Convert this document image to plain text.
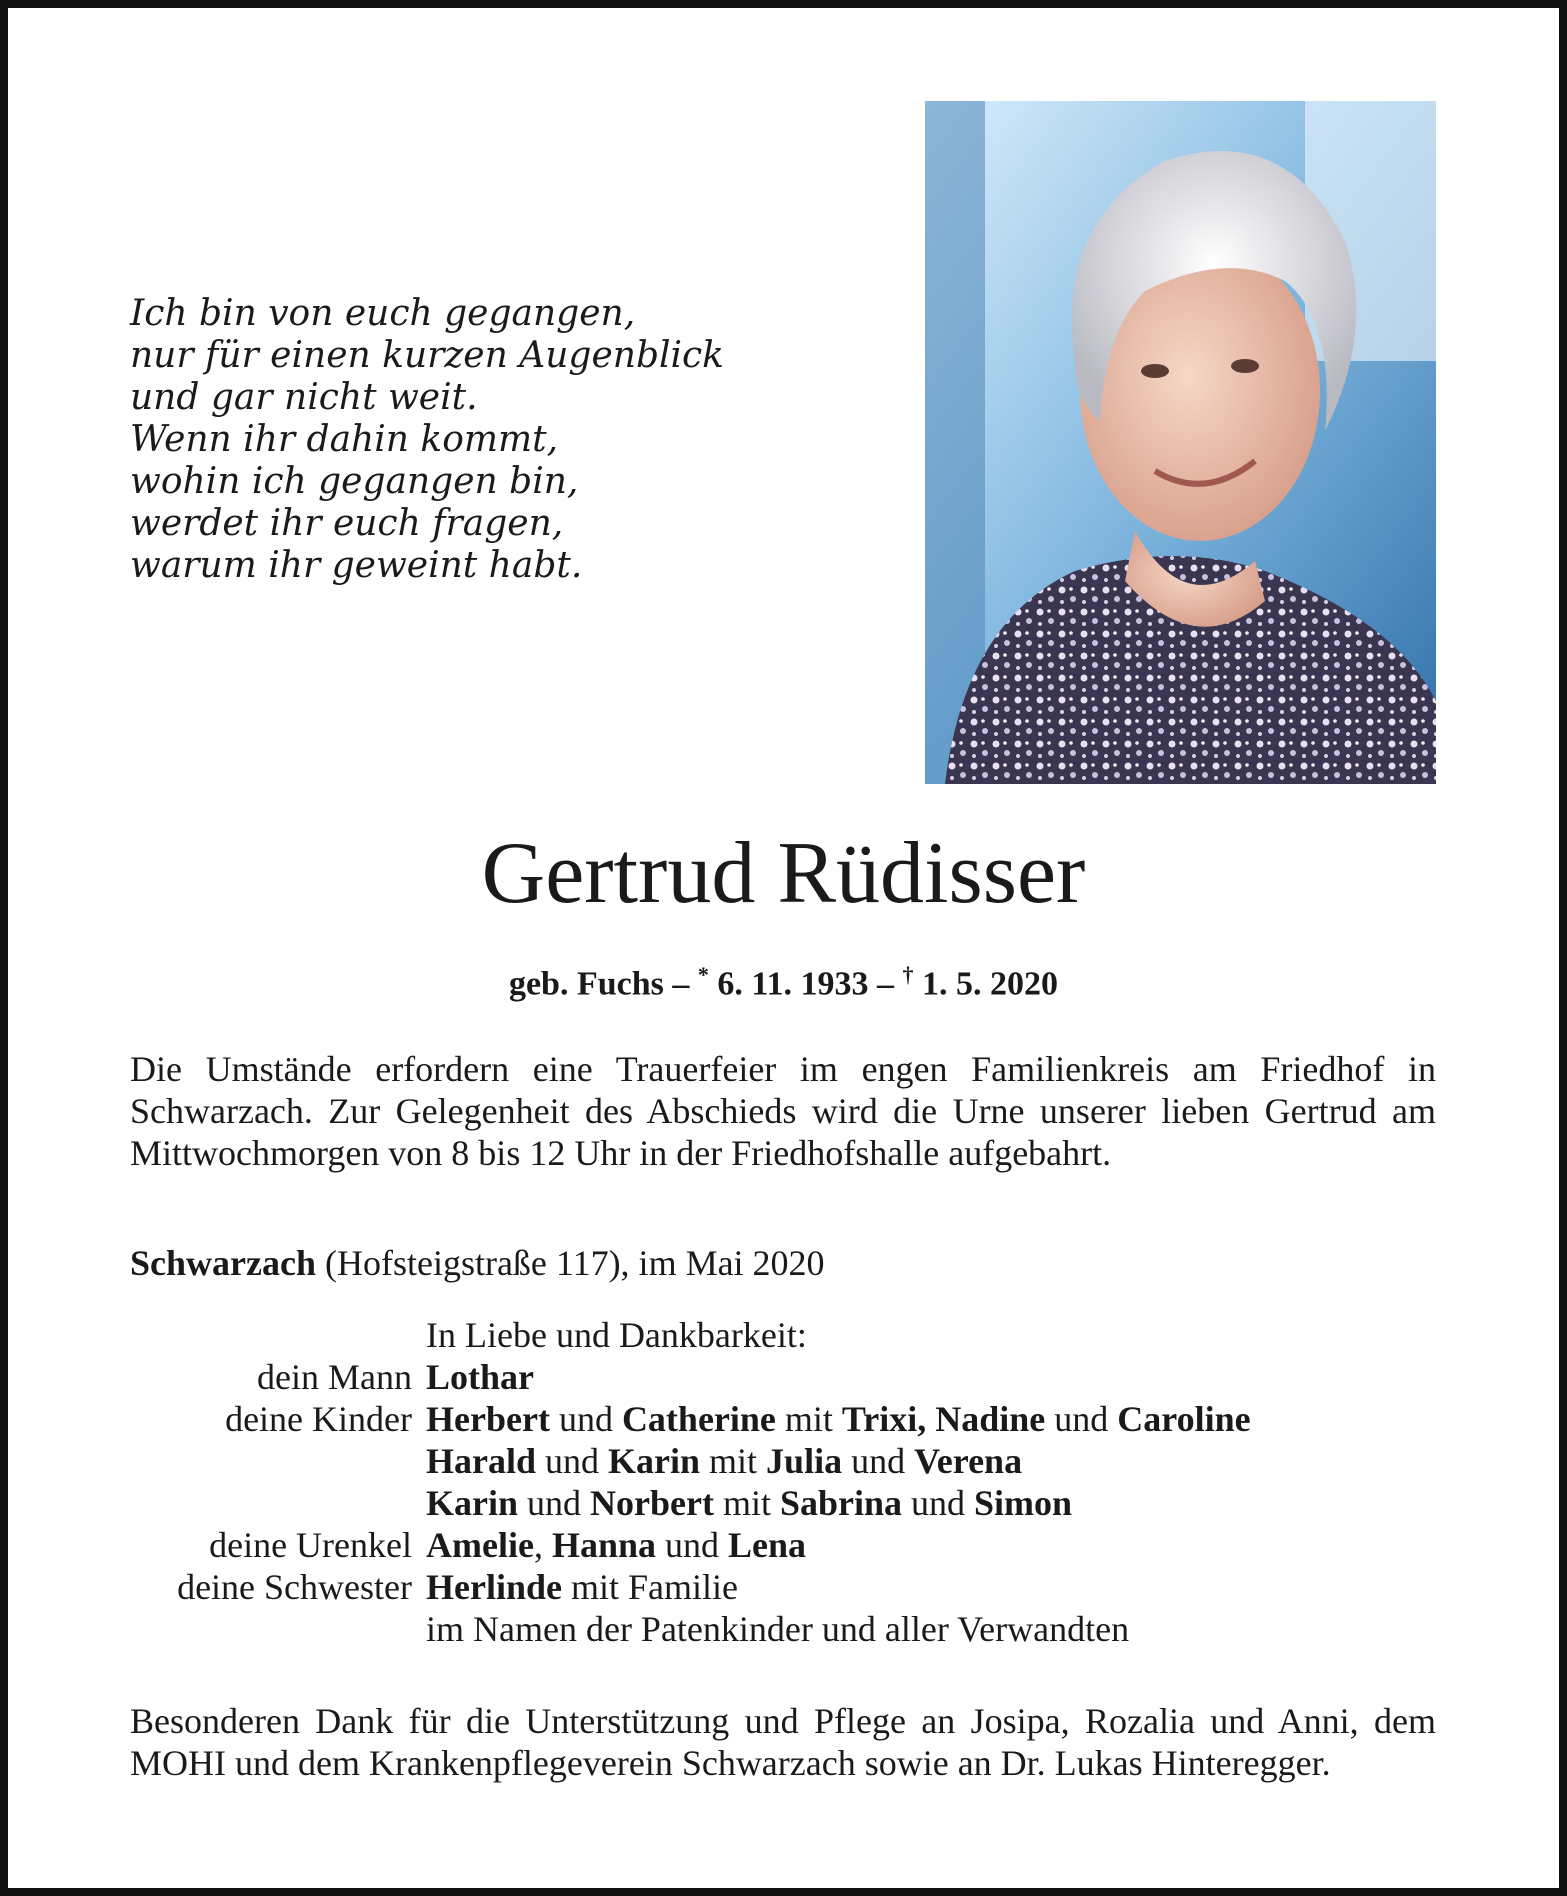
Ich bin von euch gegangen,
nur für einen kurzen Augenblick
und gar nicht weit.
Wenn ihr dahin kommt,
wohin ich gegangen bin,
werdet ihr euch fragen,
warum ihr geweint habt.
Gertrud Rüdisser
geb. Fuchs – * 6. 11. 1933 – † 1. 5. 2020
Die Umstände erfordern eine Trauerfeier im engen Familienkreis am Friedhof in Schwarzach. Zur Gelegenheit des Abschieds wird die Urne unserer lieben Gertrud am Mittwochmorgen von 8 bis 12 Uhr in der Friedhofshalle aufgebahrt.
Schwarzach (Hofsteigstraße 117), im Mai 2020
In Liebe und Dankbarkeit:
dein Mann Lothar
deine Kinder Herbert und Catherine mit Trixi, Nadine und Caroline
Harald und Karin mit Julia und Verena
Karin und Norbert mit Sabrina und Simon
deine Urenkel Amelie, Hanna und Lena
deine Schwester Herlinde mit Familie
im Namen der Patenkinder und aller Verwandten
Besonderen Dank für die Unterstützung und Pflege an Josipa, Rozalia und Anni, dem MOHI und dem Krankenpflegeverein Schwarzach sowie an Dr. Lukas Hinteregger.
